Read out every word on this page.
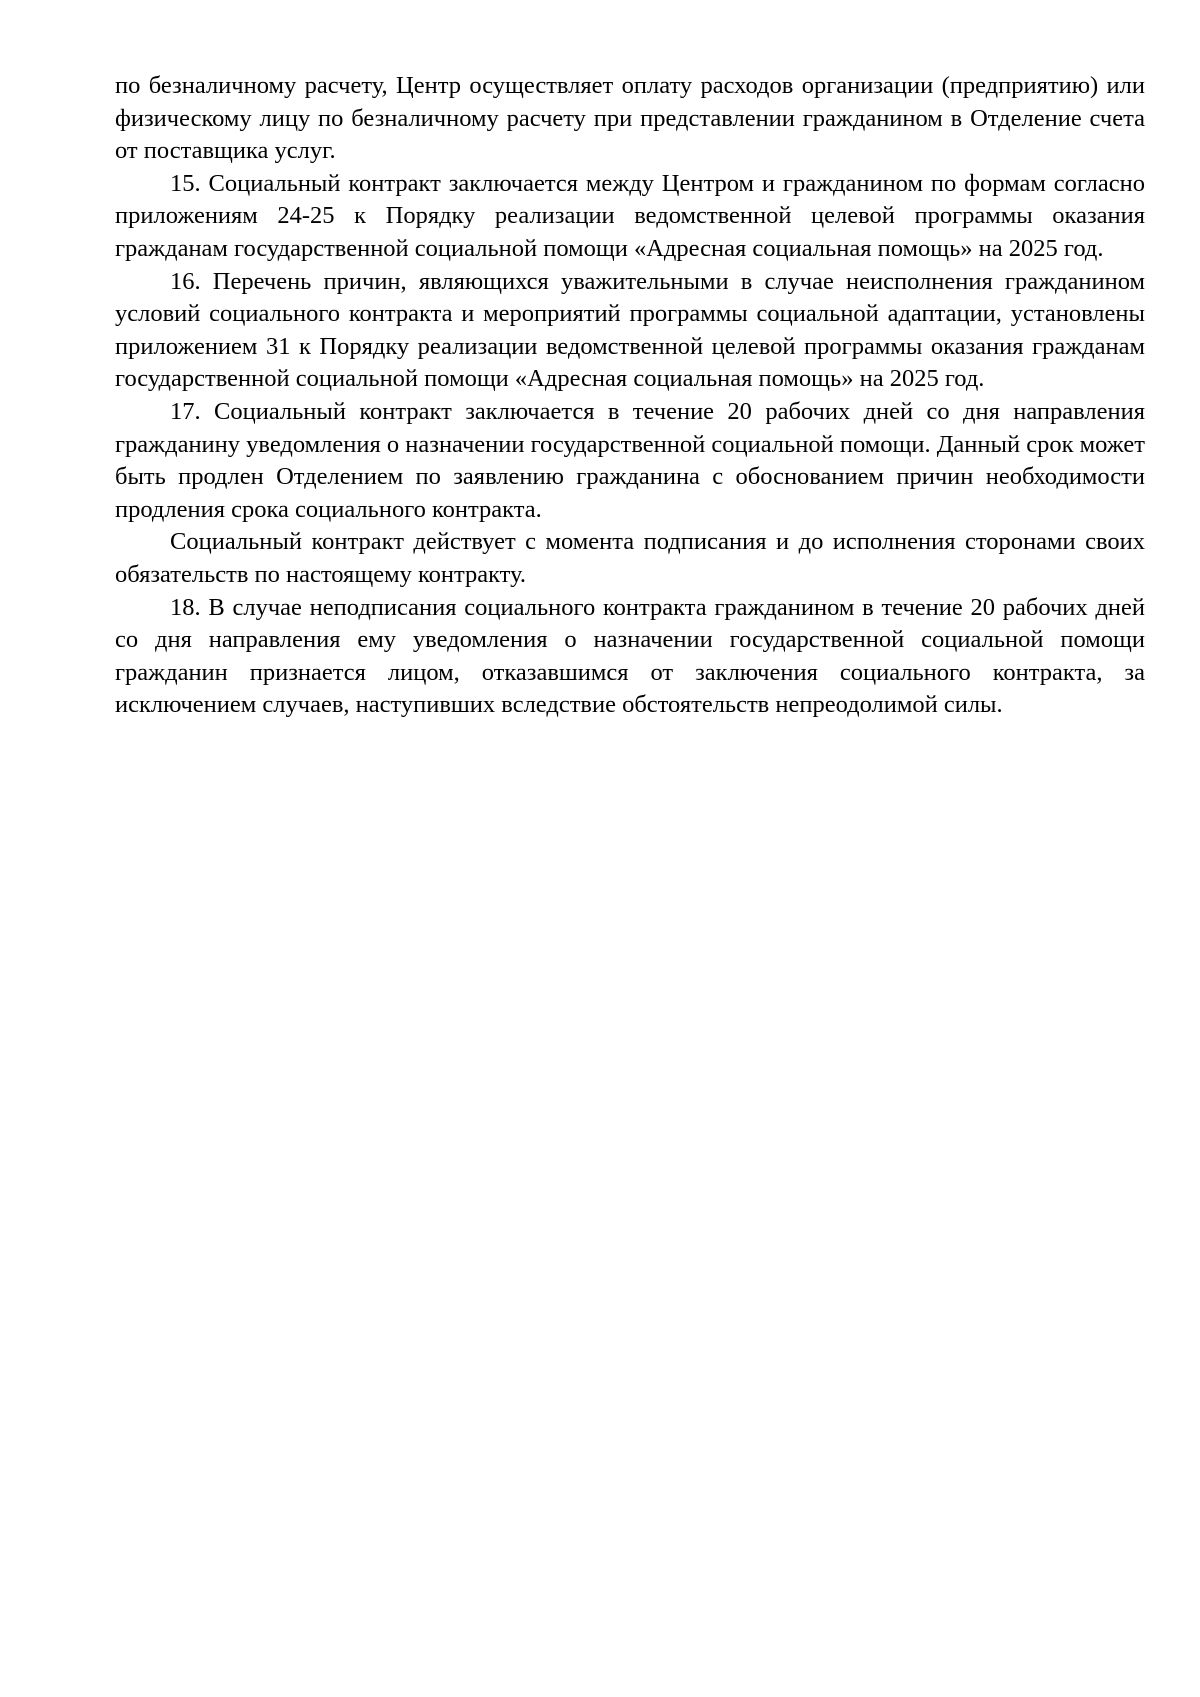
по безналичному расчету, Центр осуществляет оплату расходов организации (предприятию) или физическому лицу по безналичному расчету при представлении гражданином в Отделение счета от поставщика услуг.

15. Социальный контракт заключается между Центром и гражданином по формам согласно приложениям 24-25 к Порядку реализации ведомственной целевой программы оказания гражданам государственной социальной помощи «Адресная социальная помощь» на 2025 год.

16. Перечень причин, являющихся уважительными в случае неисполнения гражданином условий социального контракта и мероприятий программы социальной адаптации, установлены приложением 31 к Порядку реализации ведомственной целевой программы оказания гражданам государственной социальной помощи «Адресная социальная помощь» на 2025 год.

17. Социальный контракт заключается в течение 20 рабочих дней со дня направления гражданину уведомления о назначении государственной социальной помощи. Данный срок может быть продлен Отделением по заявлению гражданина с обоснованием причин необходимости продления срока социального контракта.

Социальный контракт действует с момента подписания и до исполнения сторонами своих обязательств по настоящему контракту.

18. В случае неподписания социального контракта гражданином в течение 20 рабочих дней со дня направления ему уведомления о назначении государственной социальной помощи гражданин признается лицом, отказавшимся от заключения социального контракта, за исключением случаев, наступивших вследствие обстоятельств непреодолимой силы.
